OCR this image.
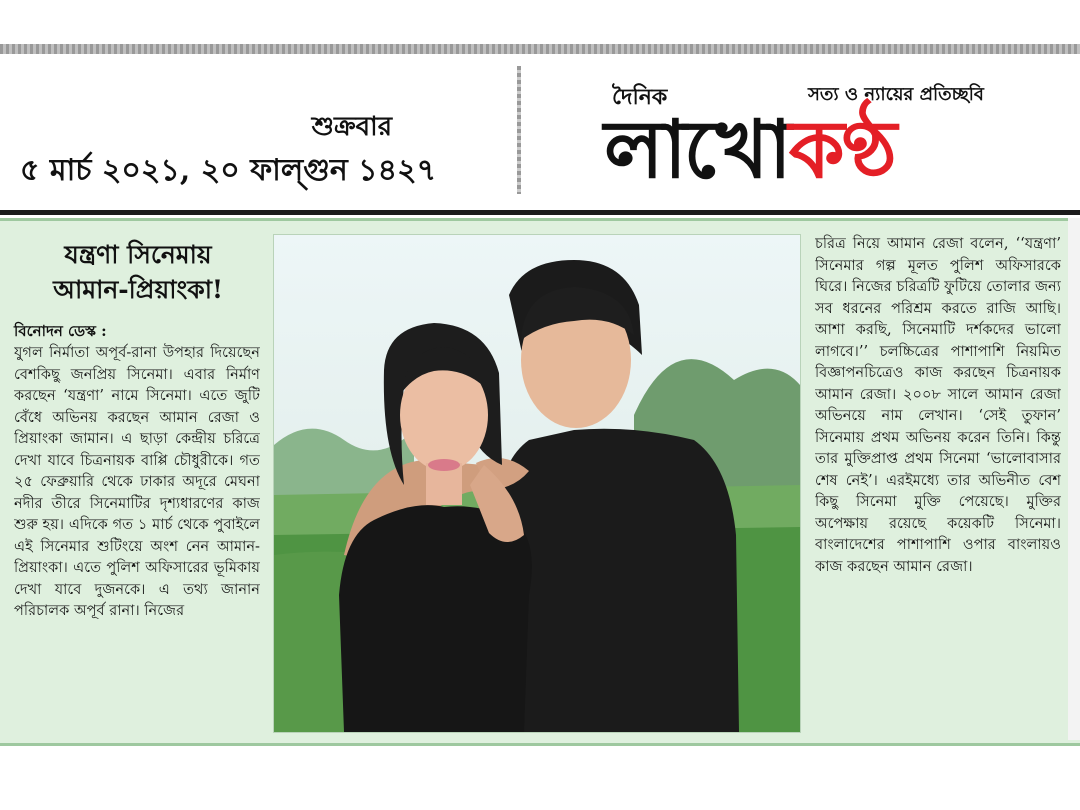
শুক্রবার
৫ মার্চ ২০২১, ২০ ফাল্গুন ১৪২৭
দৈনিক	সত্য ও ন্যায়ের প্রতিচ্ছবি
লাখোকণ্ঠ
যন্ত্রণা সিনেমায়
আমান-প্রিয়াংকা!
বিনোদন ডেস্ক :
যুগল নির্মাতা অপূর্ব-রানা উপহার দিয়েছেন বেশকিছু জনপ্রিয় সিনেমা। এবার নির্মাণ করছেন ‘যন্ত্রণা’ নামে সিনেমা। এতে জুটি বেঁধে অভিনয় করছেন আমান রেজা ও প্রিয়াংকা জামান। এ ছাড়া কেন্দ্রীয় চরিত্রে দেখা যাবে চিত্রনায়ক বাপ্পি চৌধুরীকে। গত ২৫ ফেব্রুয়ারি থেকে ঢাকার অদূরে মেঘনা নদীর তীরে সিনেমাটির দৃশ্যধারণের কাজ শুরু হয়। এদিকে গত ১ মার্চ থেকে পুবাইলে এই সিনেমার শুটিংয়ে অংশ নেন আমান-প্রিয়াংকা। এতে পুলিশ অফিসারের ভূমিকায় দেখা যাবে দুজনকে। এ তথ্য জানান পরিচালক অপূর্ব রানা। নিজের
চরিত্র নিয়ে আমান রেজা বলেন, ‘‘যন্ত্রণা’ সিনেমার গল্প মূলত পুলিশ অফিসারকে ঘিরে। নিজের চরিত্রটি ফুটিয়ে তোলার জন্য সব ধরনের পরিশ্রম করতে রাজি আছি। আশা করছি, সিনেমাটি দর্শকদের ভালো লাগবে।’’ চলচ্চিত্রের পাশাপাশি নিয়মিত বিজ্ঞাপনচিত্রেও কাজ করছেন চিত্রনায়ক আমান রেজা। ২০০৮ সালে আমান রেজা অভিনয়ে নাম লেখান। ‘সেই তুফান’ সিনেমায় প্রথম অভিনয় করেন তিনি। কিন্তু তার মুক্তিপ্রাপ্ত প্রথম সিনেমা ‘ভালোবাসার শেষ নেই’। এরইমধ্যে তার অভিনীত বেশ কিছু সিনেমা মুক্তি পেয়েছে। মুক্তির অপেক্ষায় রয়েছে কয়েকটি সিনেমা। বাংলাদেশের পাশাপাশি ওপার বাংলায়ও কাজ করছেন আমান রেজা।
